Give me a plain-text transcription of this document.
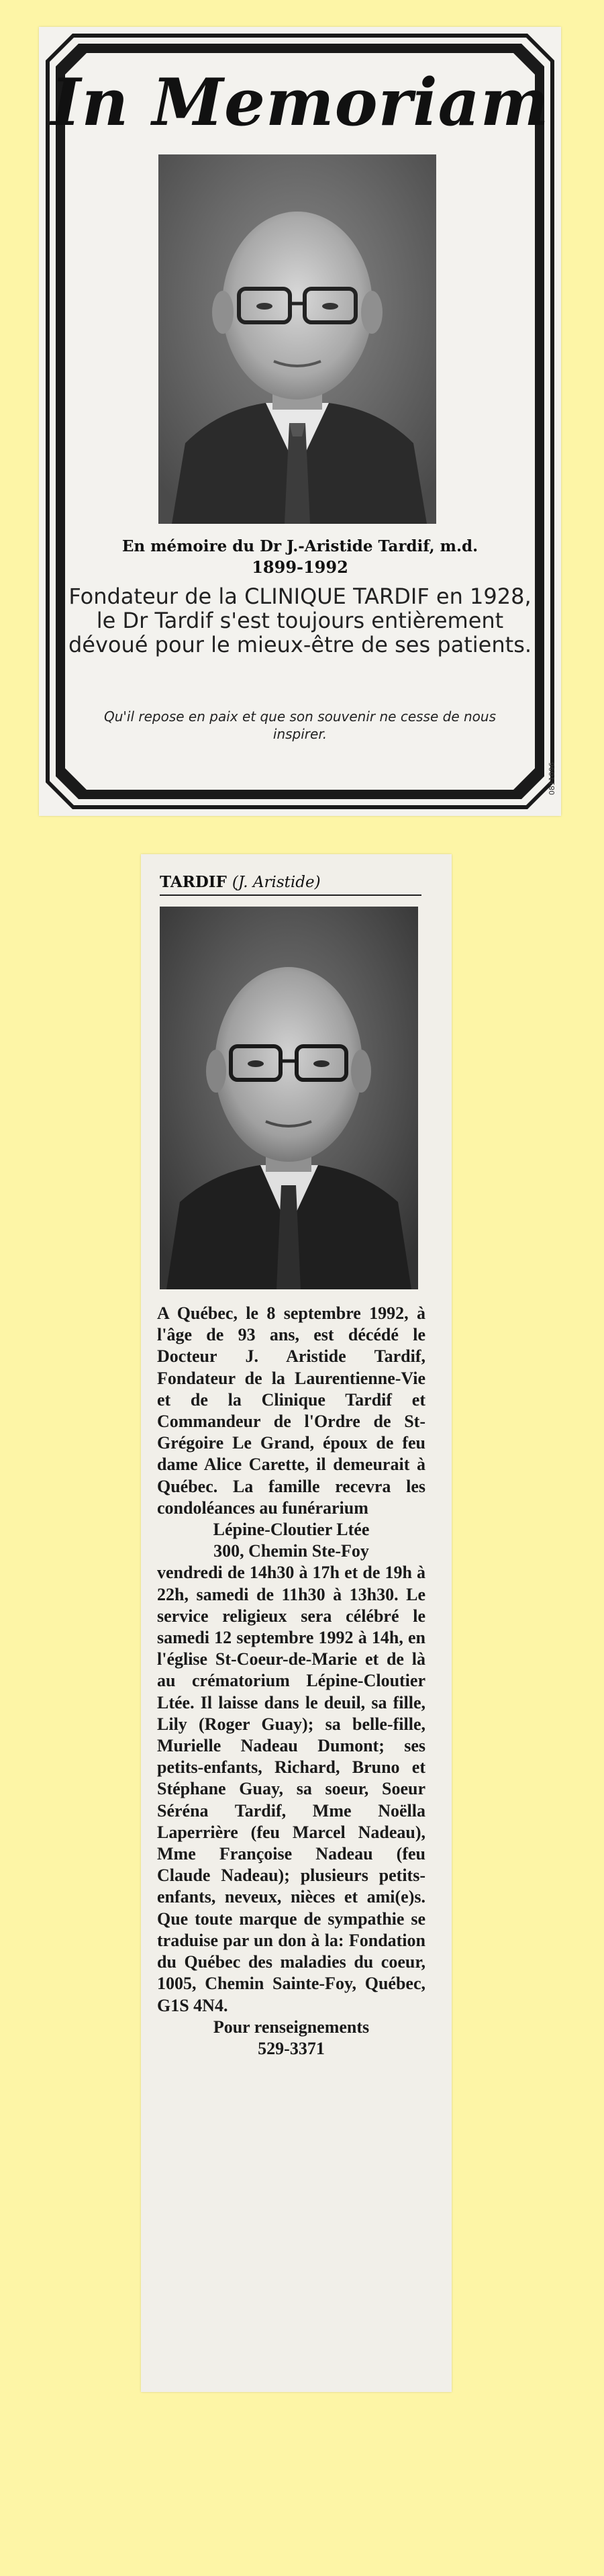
In Memoriam
En mémoire du Dr J.-Aristide Tardif, m.d.
1899-1992
Fondateur de la CLINIQUE TARDIF en 1928, le Dr Tardif s'est toujours entièrement dévoué pour le mieux-être de ses patients.
Qu'il repose en paix et que son souvenir ne cesse de nous inspirer.
0811096
TARDIF (J. Aristide)

A Québec, le 8 septembre 1992, à l'âge de 93 ans, est décédé le Docteur J. Aristide Tardif, Fondateur de la Laurentienne-Vie et de la Clinique Tardif et Commandeur de l'Ordre de St-Grégoire Le Grand, époux de feu dame Alice Carette, il demeurait à Québec. La famille recevra les condoléances au funérarium

Lépine-Cloutier Ltée

300, Chemin Ste-Foy

vendredi de 14h30 à 17h et de 19h à 22h, samedi de 11h30 à 13h30. Le service religieux sera célébré le samedi 12 septembre 1992 à 14h, en l'église St-Coeur-de-Marie et de là au crématorium Lépine-Cloutier Ltée. Il laisse dans le deuil, sa fille, Lily (Roger Guay); sa belle-fille, Murielle Nadeau Dumont; ses petits-enfants, Richard, Bruno et Stéphane Guay, sa soeur, Soeur Séréna Tardif, Mme Noëlla Laperrière (feu Marcel Nadeau), Mme Françoise Nadeau (feu Claude Nadeau); plusieurs petits-enfants, neveux, nièces et ami(e)s. Que toute marque de sympathie se traduise par un don à la: Fondation du Québec des maladies du coeur, 1005, Chemin Sainte-Foy, Québec, G1S 4N4.

Pour renseignements

529-3371
